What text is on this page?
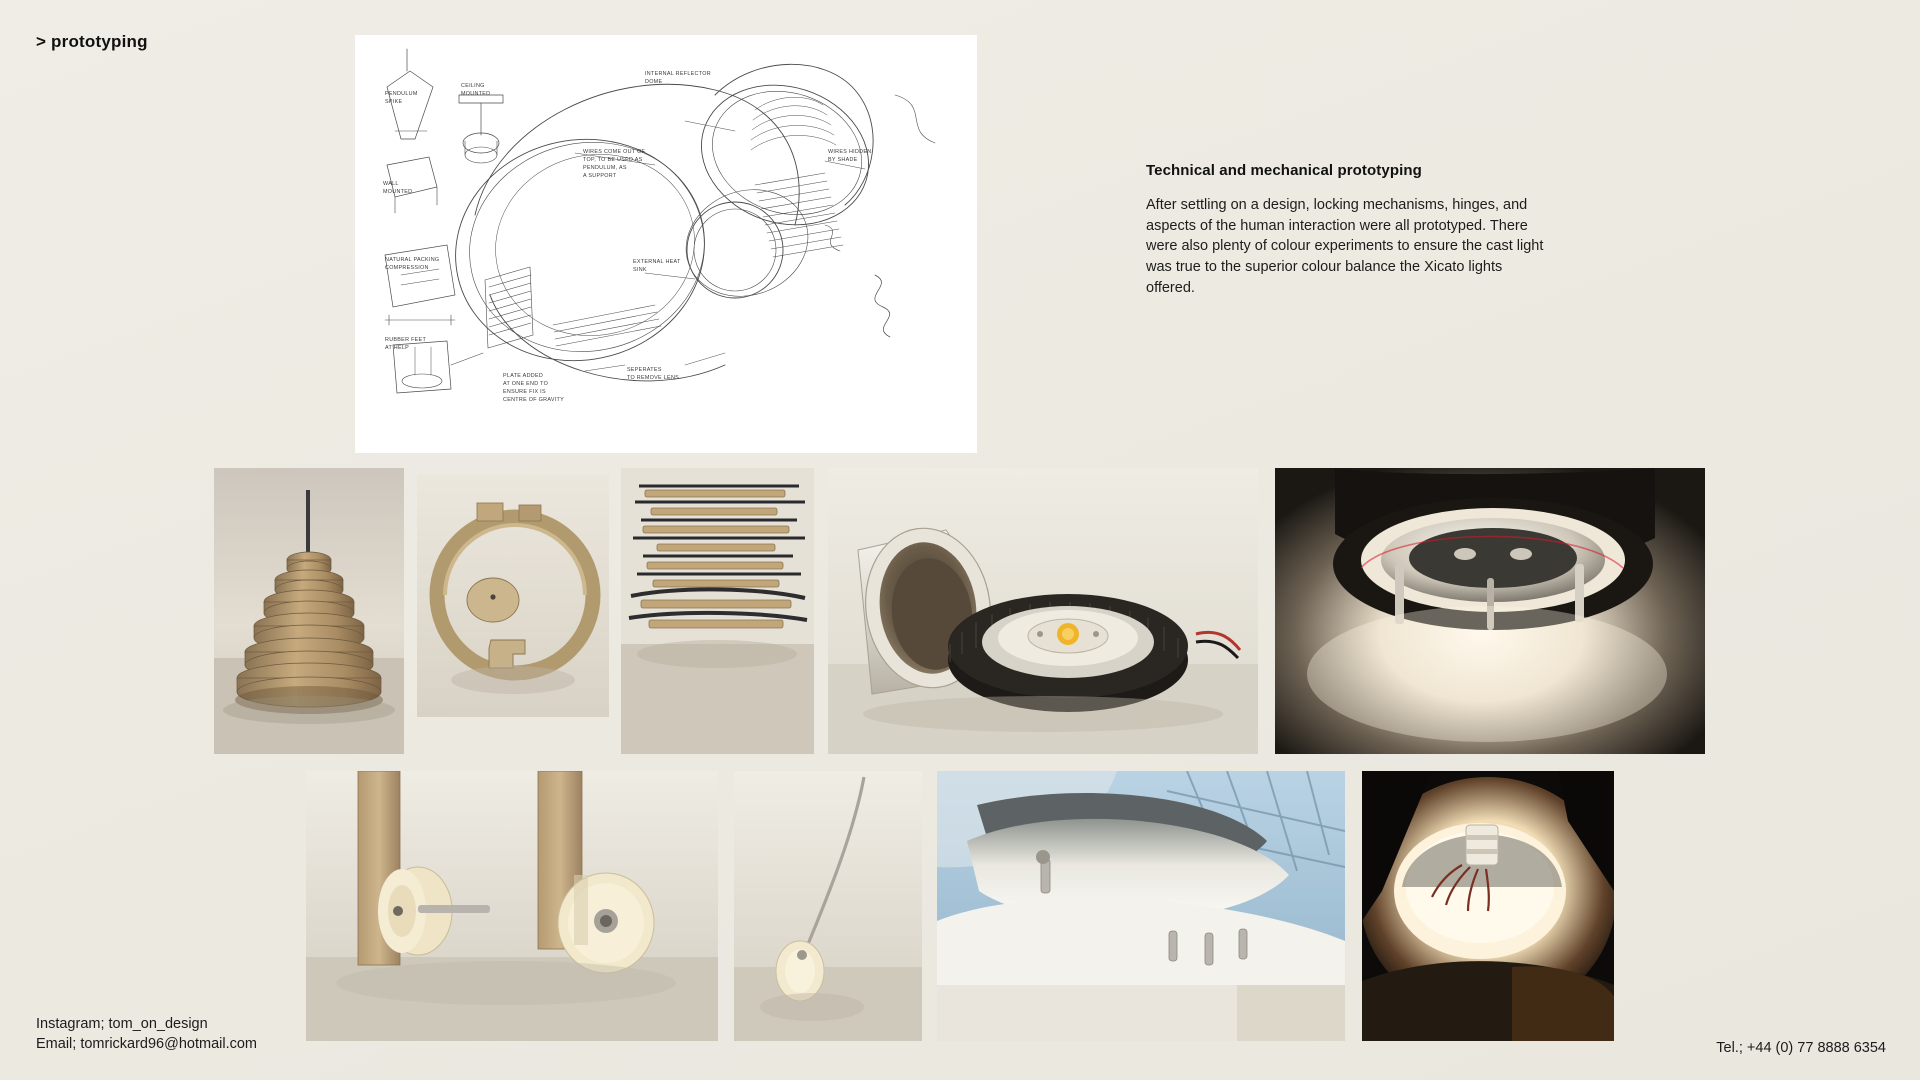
> prototyping
PENDULUM
SPIKE
CEILING
MOUNTED
INTERNAL REFLECTOR
DOME
WIRES COME OUT OF
TOP, TO BE USED AS
PENDULUM, AS
A SUPPORT
WIRES HIDDEN
BY SHADE
WALL
MOUNTED
NATURAL PACKING
COMPRESSION
RUBBER FEET
AT HELP
PLATE ADDED
AT ONE END TO
ENSURE FIX IS
CENTRE OF GRAVITY
SEPERATES
TO REMOVE LENS
EXTERNAL HEAT
SINK
Technical and mechanical prototyping

After settling on a design, locking mechanisms, hinges, and aspects of the human interaction were all prototyped. There were also plenty of colour experiments to ensure the cast light was true to the superior colour balance the Xicato lights offered.

Instagram; tom_on_design
Email; tomrickard96@hotmail.com	Tel.; +44 (0) 77 8888 6354
